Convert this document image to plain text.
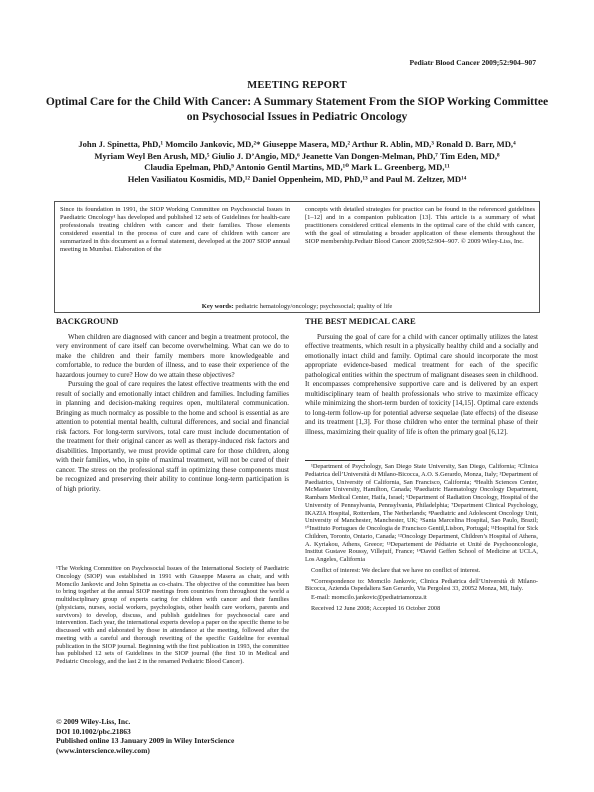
Pediatr Blood Cancer 2009;52:904–907
MEETING REPORT
Optimal Care for the Child With Cancer: A Summary Statement From the SIOP Working Committee on Psychosocial Issues in Pediatric Oncology
John J. Spinetta, PhD,¹ Momcilo Jankovic, MD,²* Giuseppe Masera, MD,² Arthur R. Ablin, MD,³ Ronald D. Barr, MD,⁴
Myriam Weyl Ben Arush, MD,⁵ Giulio J. D’Angio, MD,⁶ Jeanette Van Dongen-Melman, PhD,⁷ Tim Eden, MD,⁸
Claudia Epelman, PhD,⁹ Antonio Gentil Martins, MD,¹⁰ Mark L. Greenberg, MD,¹¹
Helen Vasiliatou Kosmidis, MD,¹² Daniel Oppenheim, MD, PhD,¹³ and Paul M. Zeltzer, MD¹⁴
Since its foundation in 1991, the SIOP Working Committee on Psychosocial Issues in Paediatric Oncology¹ has developed and published 12 sets of Guidelines for health-care professionals treating children with cancer and their families. Those elements considered essential in the process of cure and care of children with cancer are summarized in this document as a formal statement, developed at the 2007 SIOP annual meeting in Mumbai. Elaboration of the
concepts with detailed strategies for practice can be found in the referenced guidelines [1–12] and in a companion publication [13]. This article is a summary of what practitioners considered critical elements in the optimal care of the child with cancer, with the goal of stimulating a broader application of these elements throughout the SIOP membership.Pediatr Blood Cancer 2009;52:904–907. © 2009 Wiley-Liss, Inc.
Key words: pediatric hematology/oncology; psychosocial; quality of life
BACKGROUND

When children are diagnosed with cancer and begin a treatment protocol, the very environment of care itself can become overwhelming. What can we do to make the children and their family members more knowledgeable and comfortable, to reduce the burden of illness, and to ease their experience of the hazardous journey to cure? How do we attain these objectives?

Pursuing the goal of care requires the latest effective treatments with the end result of socially and emotionally intact children and families. Including families in planning and decision-making requires open, multilateral communication. Bringing as much normalcy as possible to the home and school is essential as are attention to potential mental health, cultural differences, and social and financial risk factors. For long-term survivors, total care must include documentation of the treatment for their original cancer as well as therapy-induced risk factors and disabilities. Importantly, we must provide optimal care for those children, along with their families, who, in spite of maximal treatment, will not be cured of their cancer. The stress on the professional staff in optimizing these components must be recognized and preserving their ability to continue long-term participation is of high priority.

¹The Working Committee on Psychosocial Issues of the International Society of Paediatric Oncology (SIOP) was established in 1991 with Giuseppe Masera as chair, and with Momcilo Jankovic and John Spinetta as co-chairs. The objective of the committee has been to bring together at the annual SIOP meetings from countries from throughout the world a multidisciplinary group of experts caring for children with cancer and their families (physicians, nurses, social workers, psychologists, other health care workers, parents and survivors) to develop, discuss, and publish guidelines for psychosocial care and intervention. Each year, the international experts develop a paper on the specific theme to be discussed with and elaborated by those in attendance at the meeting, followed after the meeting with a careful and thorough rewriting of the specific Guideline for eventual publication in the SIOP journal. Beginning with the first publication in 1993, the committee has published 12 sets of Guidelines in the SIOP journal (the first 10 in Medical and Pediatric Oncology, and the last 2 in the renamed Pediatric Blood Cancer).
© 2009 Wiley-Liss, Inc.
DOI 10.1002/pbc.21863
Published online 13 January 2009 in Wiley InterScience
(www.interscience.wiley.com)
THE BEST MEDICAL CARE

Pursuing the goal of care for a child with cancer optimally utilizes the latest effective treatments, which result in a physically healthy child and a socially and emotionally intact child and family. Optimal care should incorporate the most appropriate evidence-based medical treatment for each of the specific pathological entities within the spectrum of malignant diseases seen in childhood. It encompasses comprehensive supportive care and is delivered by an expert multidisciplinary team of health professionals who strive to maximize efficacy while minimizing the short-term burden of toxicity [14,15]. Optimal care extends to long-term follow-up for potential adverse sequelae (late effects) of the disease and its treatment [1,3]. For those children who enter the terminal phase of their illness, maximizing their quality of life is often the primary goal [6,12].

¹Department of Psychology, San Diego State University, San Diego, California; ²Clinica Pediatrica dell’Università di Milano-Bicocca, A.O. S.Gerardo, Monza, Italy; ³Department of Paediatrics, University of California, San Francisco, California; ⁴Health Sciences Center, McMaster University, Hamilton, Canada; ⁵Paediatric Haematology Oncology Department, Rambam Medical Center, Haifa, Israel; ⁶Department of Radiation Oncology, Hospital of the University of Pennsylvania, Pennsylvania, Philadelphia; ⁷Department Clinical Psychology, IKAZIA Hospital, Rotterdam, The Netherlands; ⁸Paediatric and Adolescent Oncology Unit, University of Manchester, Manchester, UK; ⁹Santa Marcelina Hospital, Sao Paulo, Brazil; ¹⁰Instituto Portugues de Oncologia de Francisco Gentil,Lisbon, Portugal; ¹¹Hospital for Sick Children, Toronto, Ontario, Canada; ¹²Oncology Department, Children’s Hospital of Athens, A. Kyriakou, Athens, Greece; ¹³Departement de Pédiatrie et Unité de Psychooncologie, Institut Gustave Roussy, Villejuif, France; ¹⁴David Geffen School of Medicine at UCLA, Los Angeles, California

Conflict of interest: We declare that we have no conflict of interest.

*Correspondence to: Momcilo Jankovic, Clinica Pediatrica dell’Università di Milano-Bicocca, Azienda Ospedaliera San Gerardo, Via Pergolesi 33, 20052 Monza, MI, Italy.

E-mail: momcilo.jankovic@pediatriamonza.it

Received 12 June 2008; Accepted 16 October 2008
